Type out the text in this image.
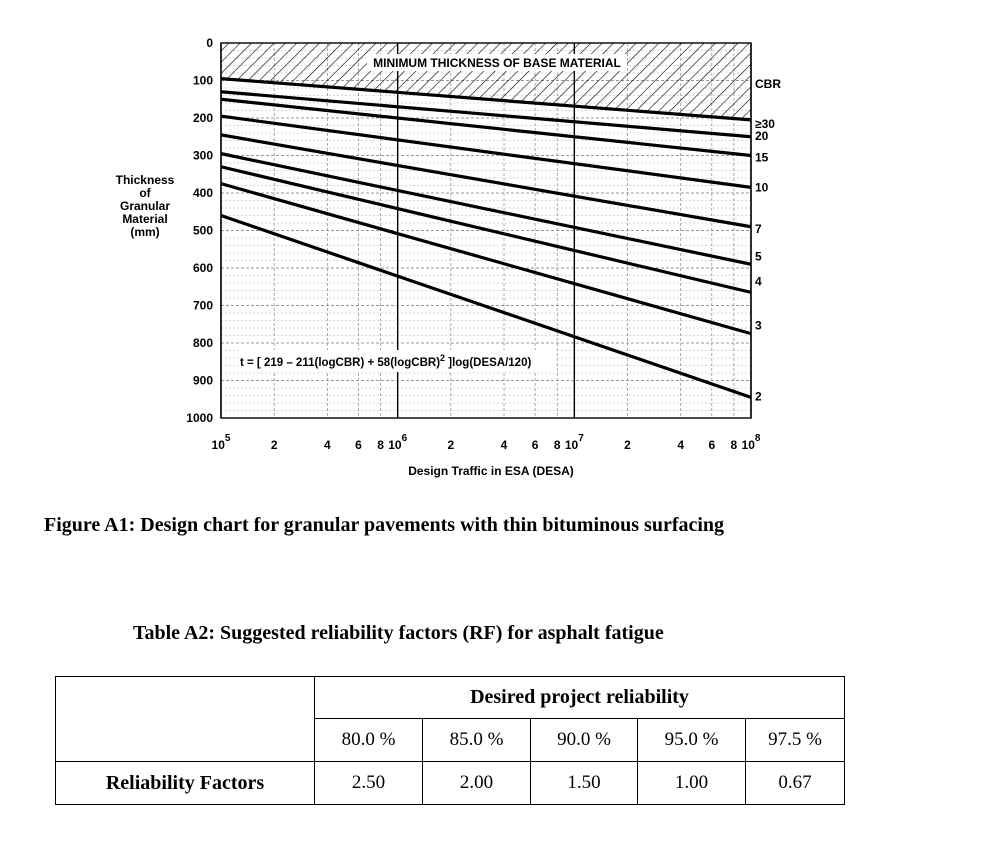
MINIMUM THICKNESS OF BASE MATERIAL
CBR
≥30
20
15
10
7
5
4
3
2
0
100
200
300
400
500
600
700
800
900
1000
Thickness
of
Granular
Material
(mm)
$10^5$	2	4 6 8 $10^6$	2	4 6 8 $10^7$	2	4 6 8 $10^8$
Design Traffic in ESA (DESA)
t = [ 219 – 211(logCBR) + 58(logCBR)$^2$ ]log(DESA/120)
Figure A1: Design chart for granular pavements with thin bituminous surfacing
Table A2: Suggested reliability factors (RF) for asphalt fatigue
	Desired project reliability				
	80.0 %	85.0 %	90.0 %	95.0 %	97.5 %
Reliability Factors	2.50	2.00	1.50	1.00	0.67
